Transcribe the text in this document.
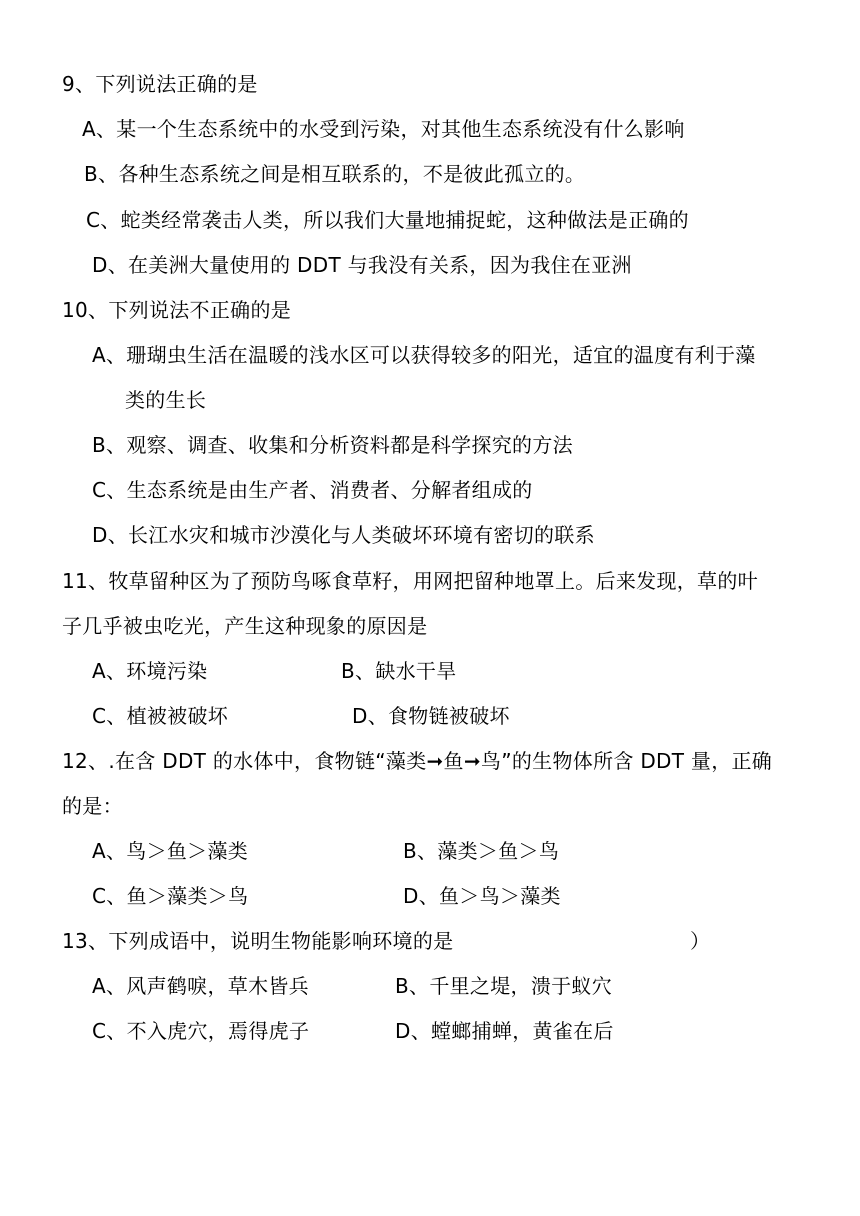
9、下列说法正确的是
A、某一个生态系统中的水受到污染，对其他生态系统没有什么影响
B、各种生态系统之间是相互联系的，不是彼此孤立的。
C、蛇类经常袭击人类，所以我们大量地捕捉蛇，这种做法是正确的
D、在美洲大量使用的 DDT 与我没有关系，因为我住在亚洲
10、下列说法不正确的是
A、珊瑚虫生活在温暖的浅水区可以获得较多的阳光，适宜的温度有利于藻
类的生长
B、观察、调查、收集和分析资料都是科学探究的方法
C、生态系统是由生产者、消费者、分解者组成的
D、长江水灾和城市沙漠化与人类破坏环境有密切的联系
11、牧草留种区为了预防鸟啄食草籽，用网把留种地罩上。后来发现，草的叶
子几乎被虫吃光，产生这种现象的原因是
A、环境污染	B、缺水干旱
C、植被被破坏	D、食物链被破坏
12、.在含 DDT 的水体中，食物链“藻类➞鱼➞鸟”的生物体所含 DDT 量，正确
的是：
A、鸟＞鱼＞藻类	B、藻类＞鱼＞鸟
C、鱼＞藻类＞鸟	D、鱼＞鸟＞藻类
13、下列成语中，说明生物能影响环境的是	）
A、风声鹤唳，草木皆兵	B、千里之堤，溃于蚁穴
C、不入虎穴，焉得虎子	D、螳螂捕蝉，黄雀在后
